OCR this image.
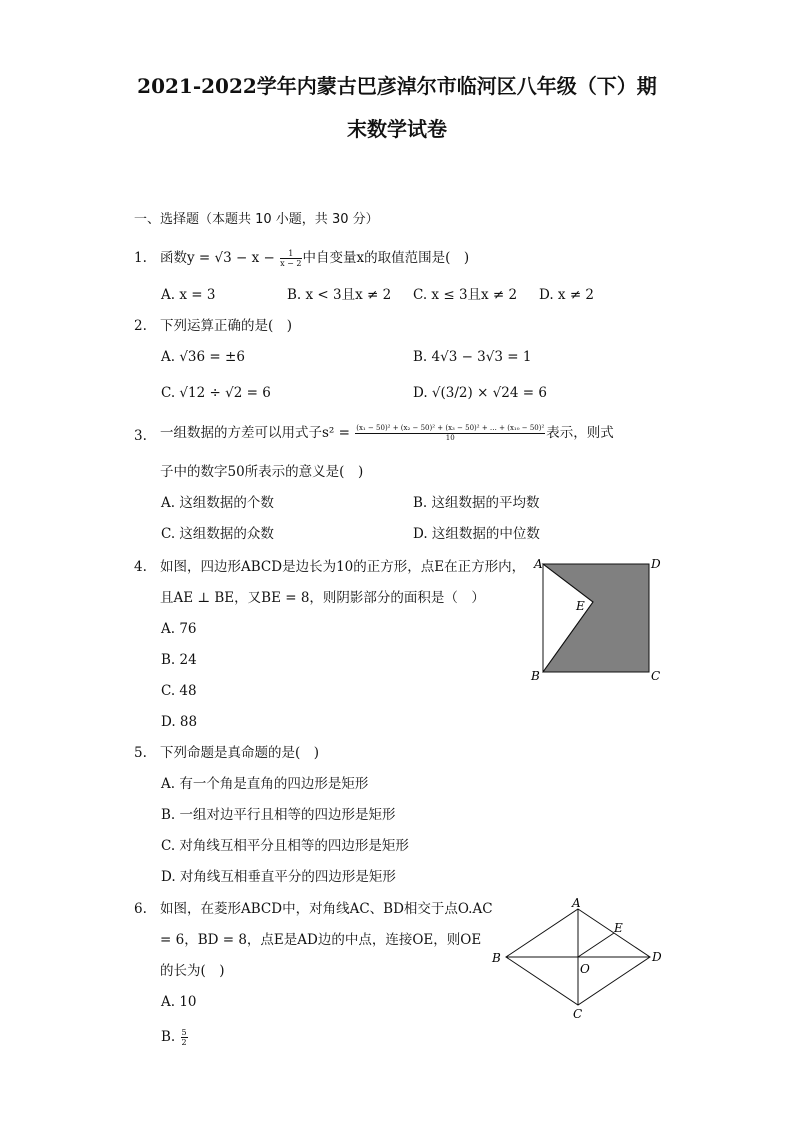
2021-2022学年内蒙古巴彦淖尔市临河区八年级（下）期
末数学试卷
一、选择题（本题共 10 小题，共 30 分）
1. 函数$y = √3 - x - \frac{1}{x - 2}$ 中自变量x的取值范围是(　)
A. x = 3	B. x < 3且x ≠ 2 C. x ≤ 3且x ≠ 2 D. x ≠ 2
2. 下列运算正确的是(　)
A. √36 = ±6	B. 4√3 − 3√3 = 1
C. √12 ÷ √2 = 6	D. √(3/2) × √24 = 6
3. 一组数据的方差可以用式子$s^2 = \frac{\text{(x₁ − 50)² + (x₂ − 50)² + (x₃ − 50)² + … + (x₁₀ − 50)²}}{10}$ 表示，则式
子中的数字50所表示的意义是(　)
A. 这组数据的个数	B. 这组数据的平均数
C. 这组数据的众数	D. 这组数据的中位数
4. 如图，四边形ABCD是边长为10的正方形，点E在正方形内，
且AE ⊥ BE，又BE = 8，则阴影部分的面积是（　）
A. 76
B. 24
C. 48
D. 88
A	D
B	C
E
5. 下列命题是真命题的是(　)
A. 有一个角是直角的四边形是矩形
B. 一组对边平行且相等的四边形是矩形
C. 对角线互相平分且相等的四边形是矩形
D. 对角线互相垂直平分的四边形是矩形
6. 如图，在菱形ABCD中，对角线AC、BD相交于点O.AC
= 6，BD = 8，点E是AD边的中点，连接OE，则OE
的长为(　)
A. 10
B. $\frac{5}{2}$
A
B
C
D
E
O
